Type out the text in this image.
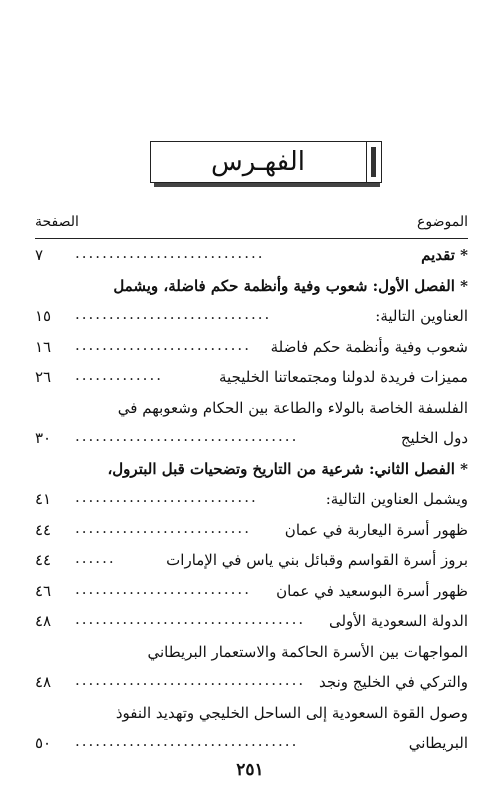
الفهـرس
الموضوع
الصفحة
* تقديم
............................
٧
* الفصل الأول: شعوب وفية وأنظمة حكم فاضلة، ويشمل
العناوين التالية:
.............................
١٥
شعوب وفية وأنظمة حكم فاضلة
..........................
١٦
مميزات فريدة لدولنا ومجتمعاتنا الخليجية
.............
٢٦
الفلسفة الخاصة بالولاء والطاعة بين الحكام وشعوبهم في
دول الخليج
.................................
٣٠
* الفصل الثاني: شرعية من التاريخ وتضحيات قبل البترول،
ويشمل العناوين التالية:
...........................
٤١
ظهور أسرة اليعاربة في عمان
..........................
٤٤
بروز أسرة القواسم وقبائل بني ياس في الإمارات
......
٤٤
ظهور أسرة البوسعيد في عمان
..........................
٤٦
الدولة السعودية الأولى
..................................
٤٨
المواجهات بين الأسرة الحاكمة والاستعمار البريطاني
والتركي في الخليج ونجد
..................................
٤٨
وصول القوة السعودية إلى الساحل الخليجي وتهديد النفوذ
البريطاني
.................................
٥٠
٢٥١
